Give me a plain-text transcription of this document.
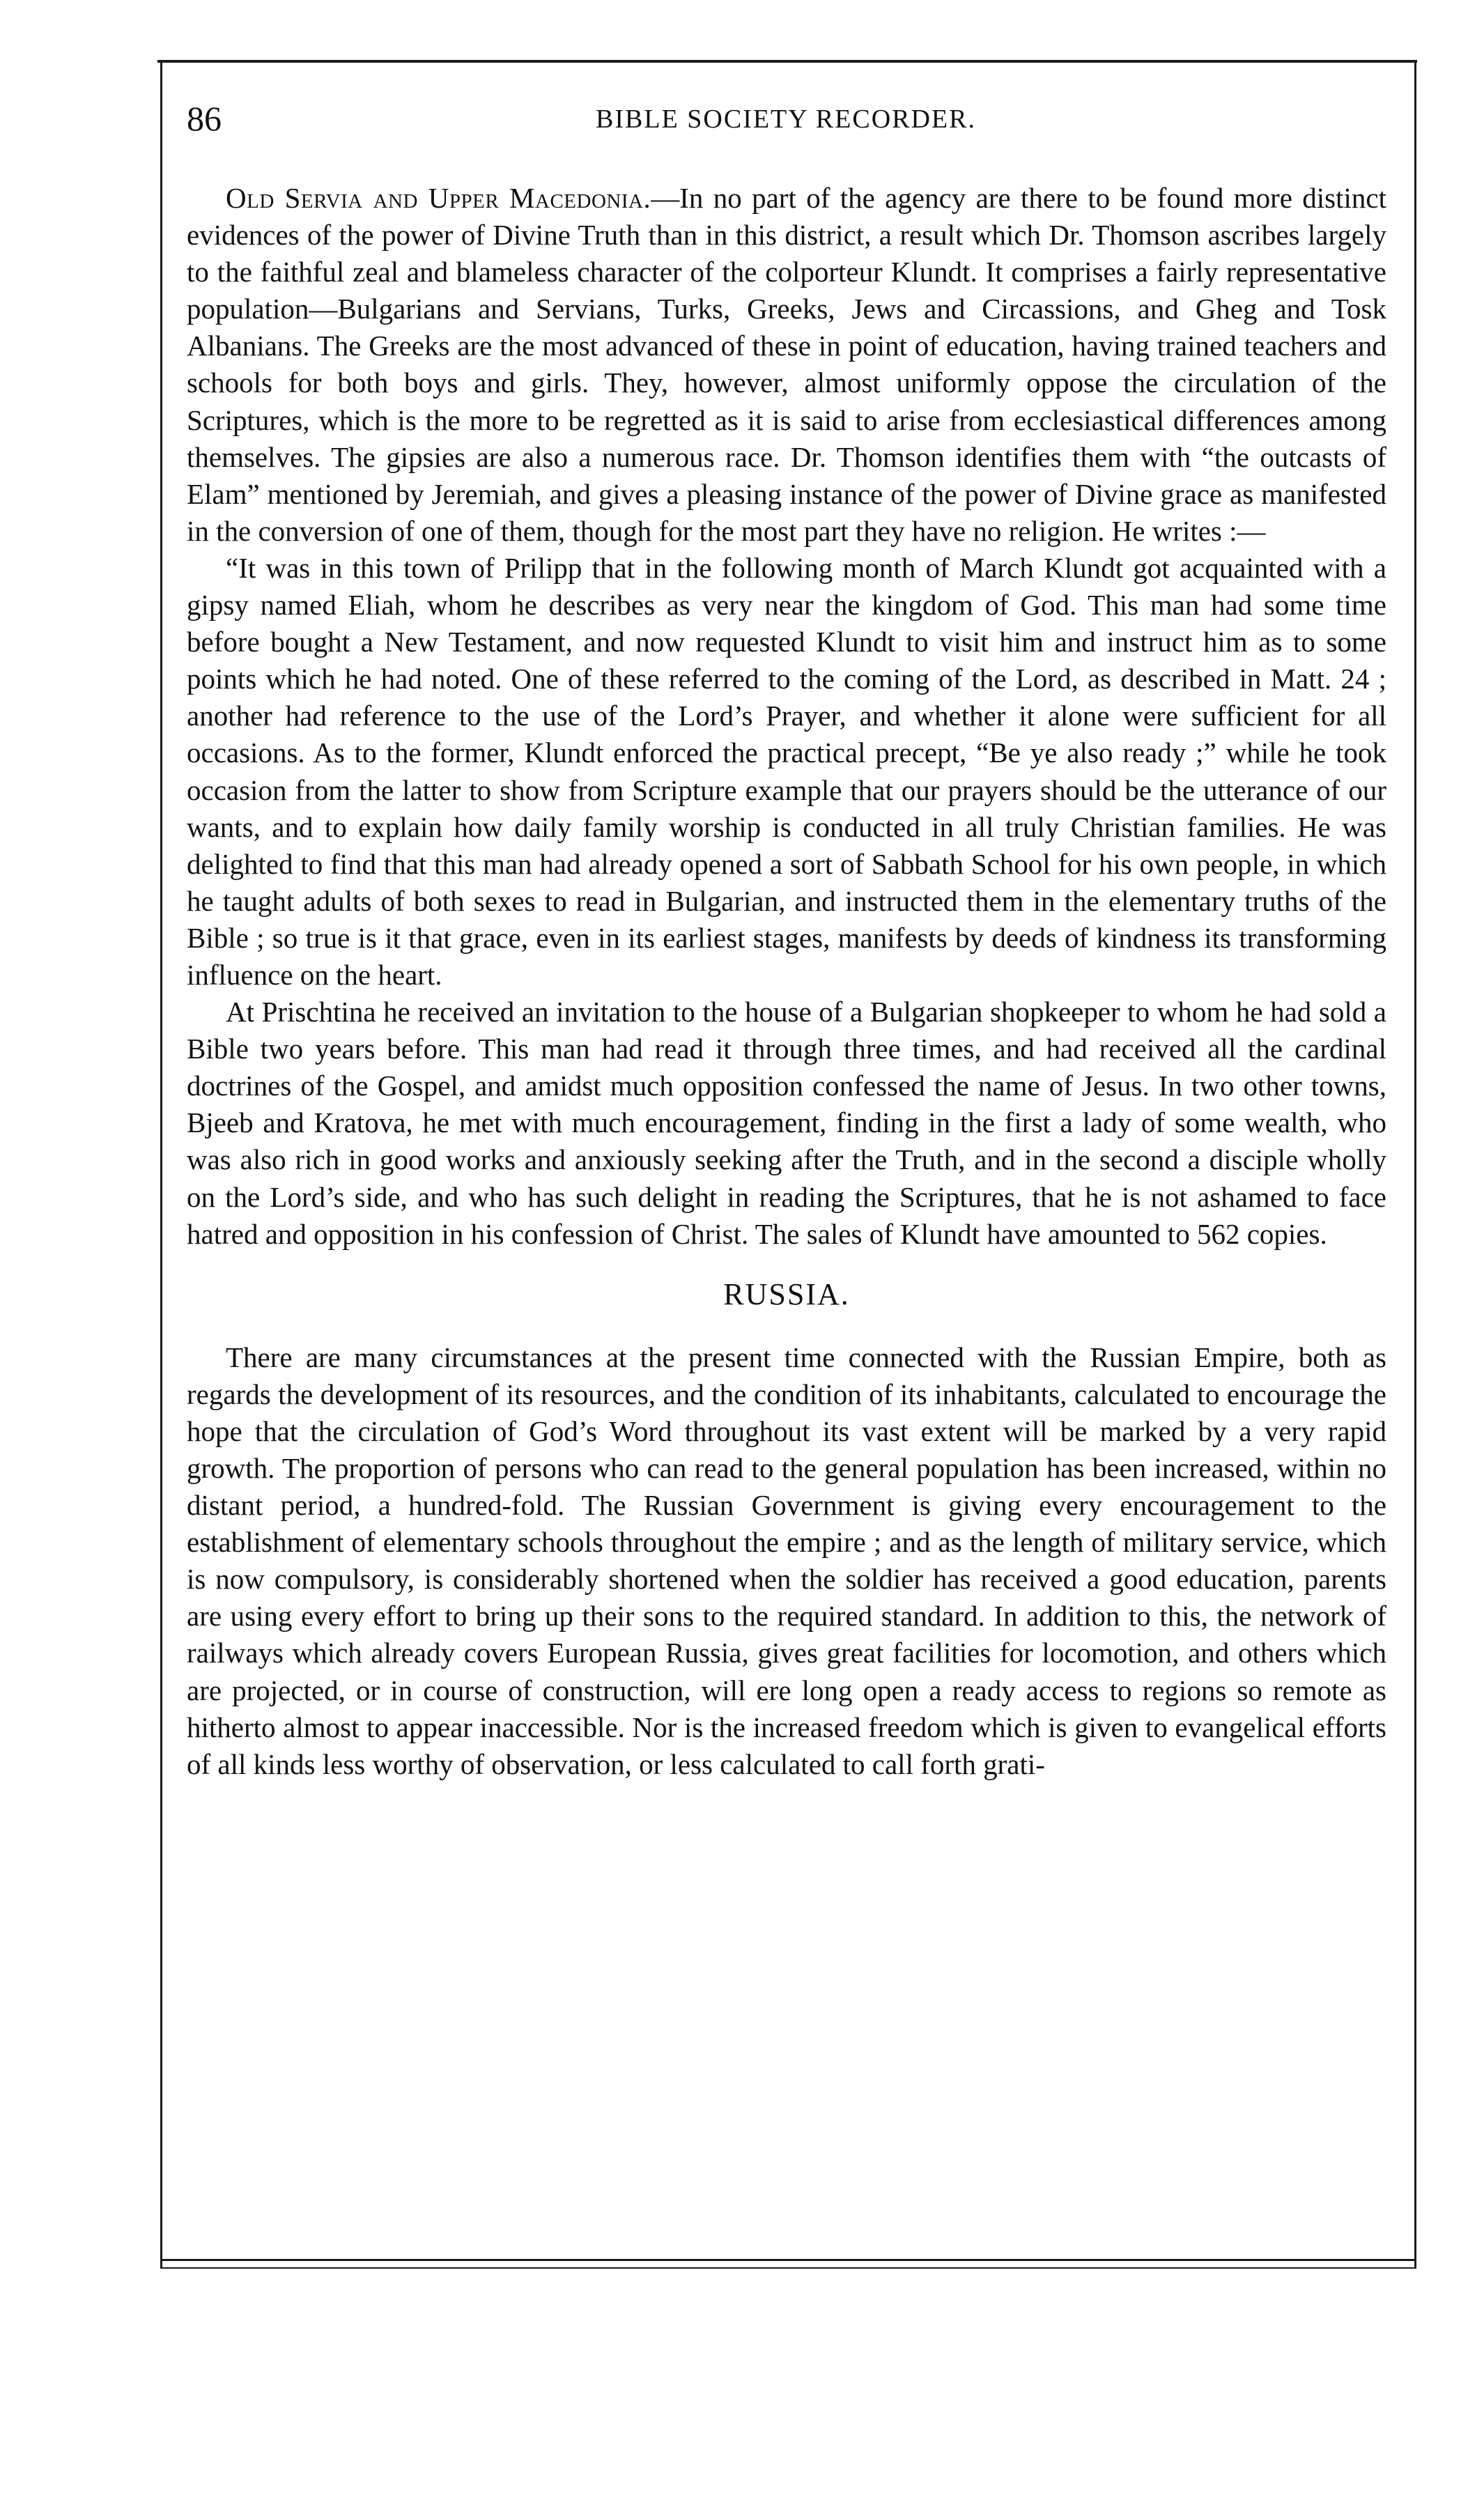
86	BIBLE SOCIETY RECORDER.

Old Servia and Upper Macedonia.—In no part of the agency are there to be found more distinct evidences of the power of Divine Truth than in this district, a result which Dr. Thomson ascribes largely to the faithful zeal and blameless character of the colporteur Klundt. It comprises a fairly representative population—Bulgarians and Servians, Turks, Greeks, Jews and Circassions, and Gheg and Tosk Albanians. The Greeks are the most advanced of these in point of education, having trained teachers and schools for both boys and girls. They, however, almost uniformly oppose the circulation of the Scriptures, which is the more to be regretted as it is said to arise from ecclesiastical differences among themselves. The gipsies are also a numerous race. Dr. Thomson identifies them with “the outcasts of Elam” mentioned by Jeremiah, and gives a pleasing instance of the power of Divine grace as manifested in the conversion of one of them, though for the most part they have no religion. He writes :—

“It was in this town of Prilipp that in the following month of March Klundt got acquainted with a gipsy named Eliah, whom he describes as very near the kingdom of God. This man had some time before bought a New Testament, and now requested Klundt to visit him and instruct him as to some points which he had noted. One of these referred to the coming of the Lord, as described in Matt. 24 ; another had reference to the use of the Lord’s Prayer, and whether it alone were sufficient for all occasions. As to the former, Klundt enforced the practical precept, “Be ye also ready ;” while he took occasion from the latter to show from Scripture example that our prayers should be the utterance of our wants, and to explain how daily family worship is conducted in all truly Christian families. He was delighted to find that this man had already opened a sort of Sabbath School for his own people, in which he taught adults of both sexes to read in Bulgarian, and instructed them in the elementary truths of the Bible ; so true is it that grace, even in its earliest stages, manifests by deeds of kindness its transforming influence on the heart.

At Prischtina he received an invitation to the house of a Bulgarian shopkeeper to whom he had sold a Bible two years before. This man had read it through three times, and had received all the cardinal doctrines of the Gospel, and amidst much opposition confessed the name of Jesus. In two other towns, Bjeeb and Kratova, he met with much encouragement, finding in the first a lady of some wealth, who was also rich in good works and anxiously seeking after the Truth, and in the second a disciple wholly on the Lord’s side, and who has such delight in reading the Scriptures, that he is not ashamed to face hatred and opposition in his confession of Christ. The sales of Klundt have amounted to 562 copies.

RUSSIA.

There are many circumstances at the present time connected with the Russian Empire, both as regards the development of its resources, and the condition of its inhabitants, calculated to encourage the hope that the circulation of God’s Word throughout its vast extent will be marked by a very rapid growth. The proportion of persons who can read to the general population has been increased, within no distant period, a hundred-fold. The Russian Government is giving every encouragement to the establishment of elementary schools throughout the empire ; and as the length of military service, which is now compulsory, is considerably shortened when the soldier has received a good education, parents are using every effort to bring up their sons to the required standard. In addition to this, the network of railways which already covers European Russia, gives great facilities for locomotion, and others which are projected, or in course of construction, will ere long open a ready access to regions so remote as hitherto almost to appear inaccessible. Nor is the increased freedom which is given to evangelical efforts of all kinds less worthy of observation, or less calculated to call forth grati-
